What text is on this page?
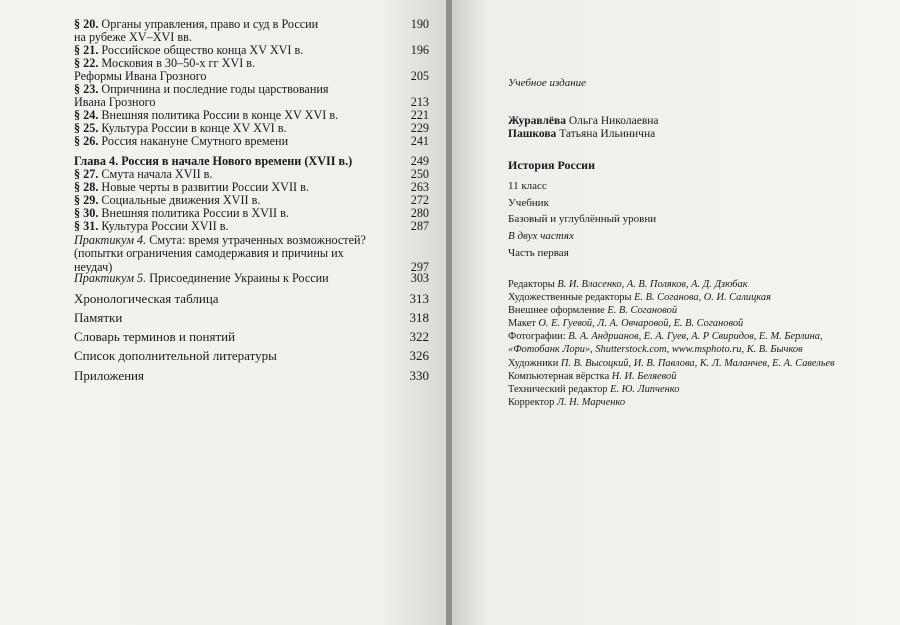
§ 20. Органы управления, право и суд в России	190
на рубеже XV–XVI вв.
§ 21. Российское общество конца XV XVI в.	196
§ 22. Московия в 30–50-х гг XVI в.
Реформы Ивана Грозного	205
§ 23. Опричнина и последние годы царствования
Ивана Грозного	213
§ 24. Внешняя политика России в конце XV XVI в.	221
§ 25. Культура России в конце XV XVI в.	229
§ 26. Россия накануне Смутного времени	241
Глава 4. Россия в начале Нового времени (XVII в.)	249
§ 27. Смута начала XVII в.	250
§ 28. Новые черты в развитии России XVII в.	263
§ 29. Социальные движения XVII в.	272
§ 30. Внешняя политика России в XVII в.	280
§ 31. Культура России XVII в.	287
Практикум 4. Смута: время утраченных возможностей? (попытки ограничения самодержавия и причины их неудач)	297
Практикум 5. Присоединение Украины к России	303
Хронологическая таблица	313
Памятки	318
Словарь терминов и понятий	322
Список дополнительной литературы	326
Приложения	330
Учебное издание
Журавлёва Ольга Николаевна
Пашкова Татьяна Ильинична
История России
11 класс
Учебник
Базовый и углублённый уровни
В двух частях
Часть первая
Редакторы В. И. Власенко, А. В. Поляков, А. Д. Дзюбак
Художественные редакторы Е. В. Соганова, О. И. Салицкая
Внешнее оформление Е. В. Согановой
Макет О. Е. Гуевой, Л. А. Овчаровой, Е. В. Согановой
Фотографии: В. А. Андрианов, Е. А. Гуев, А. Р Свиридов, Е. М. Берлина,
«Фотобанк Лори», Shutterstock.com, www.msphoto.ru, К. В. Бычков
Художники П. В. Высоцкий, И. В. Павлова, К. Л. Маланчев, Е. А. Савельев
Компьютерная вёрстка Н. И. Беляевой
Технический редактор Е. Ю. Липченко
Корректор Л. Н. Марченко
